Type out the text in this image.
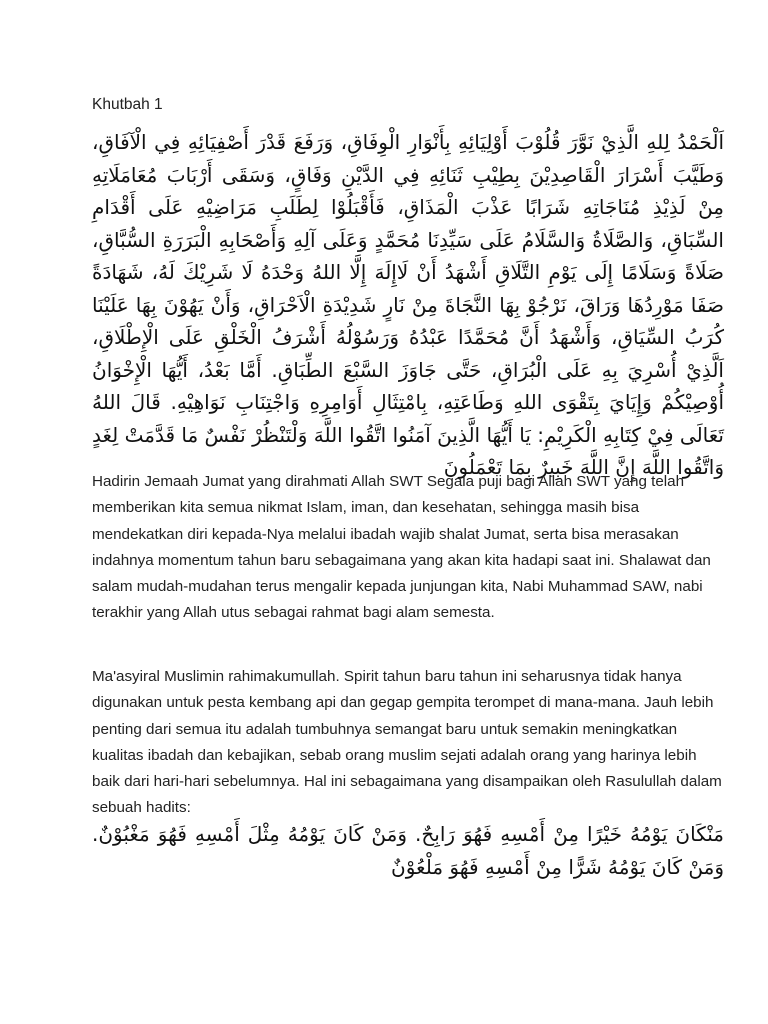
Khutbah 1

اَلْحَمْدُ لِلهِ الَّذِيْ نَوَّرَ قُلُوْبَ أَوْلِيَائِهِ بِأَنْوَارِ الْوِفَاقِ، وَرَفَعَ قَدْرَ أَصْفِيَائِهِ فِي الْآفَاقِ، وَطَيَّبَ أَسْرَارَ الْقَاصِدِيْنَ بِطِيْبِ ثَنَائِهِ فِي الدَّيْنِ وَفَاقٍ، وَسَقَى أَرْبَابَ مُعَامَلَاتِهِ مِنْ لَذِيْذِ مُنَاجَاتِهِ شَرَابًا عَذْبَ الْمَذَاقِ، فَأَقْبَلُوْا لِطَلَبِ مَرَاضِيْهِ عَلَى أَقْدَامِ السِّبَاقِ، وَالصَّلَاةُ وَالسَّلَامُ عَلَى سَيِّدِنَا مُحَمَّدٍ وَعَلَى آلِهِ وَأَصْحَابِهِ الْبَرَرَةِ السُّبَّاقِ، صَلَاةً وَسَلَامًا إِلَى يَوْمِ التَّلَاقِ أَشْهَدُ أَنْ لَاإِلَهَ إِلَّا اللهُ وَحْدَهُ لَا شَرِيْكَ لَهُ، شَهَادَةً صَفَا مَوْرِدُهَا وَرَاقَ، نَرْجُوْ بِهَا النَّجَاةَ مِنْ نَارٍ شَدِيْدَةِ الْاَحْرَاقِ، وَأَنْ يَهُوْنَ بِهَا عَلَيْنَا كُرَبُ السِّيَاقِ، وَأَشْهَدُ أَنَّ مُحَمَّدًا عَبْدُهُ وَرَسُوْلُهُ أَشْرَفُ الْخَلْقِ عَلَى الْإِطْلَاقِ، اَلَّذِيْ أُسْرِيَ بِهِ عَلَى الْبُرَاقِ، حَتَّى جَاوَزَ السَّبْعَ الطِّبَاقِ. أَمَّا بَعْدُ، أَيُّهَا الْإِخْوَانُ أُوْصِيْكُمْ وَإِيَايَ بِتَقْوَى اللهِ وَطَاعَتِهِ، بِامْتِثَالِ أَوَامِرِهِ وَاجْتِنَابِ نَوَاهِيْهِ. قَالَ اللهُ تَعَالَى فِيْ كِتَابِهِ الْكَرِيْمِ: يَا أَيُّهَا الَّذِينَ آمَنُوا اتَّقُوا اللَّهَ وَلْتَنْظُرْ نَفْسٌ مَا قَدَّمَتْ لِغَدٍ وَاتَّقُوا اللَّهَ إِنَّ اللَّهَ خَبِيرٌ بِمَا تَعْمَلُونَ

Hadirin Jemaah Jumat yang dirahmati Allah SWT Segala puji bagi Allah SWT yang telah memberikan kita semua nikmat Islam, iman, dan kesehatan, sehingga masih bisa mendekatkan diri kepada-Nya melalui ibadah wajib shalat Jumat, serta bisa merasakan indahnya momentum tahun baru sebagaimana yang akan kita hadapi saat ini. Shalawat dan salam mudah-mudahan terus mengalir kepada junjungan kita, Nabi Muhammad SAW, nabi terakhir yang Allah utus sebagai rahmat bagi alam semesta.

Ma'asyiral Muslimin rahimakumullah. Spirit tahun baru tahun ini seharusnya tidak hanya digunakan untuk pesta kembang api dan gegap gempita terompet di mana-mana. Jauh lebih penting dari semua itu adalah tumbuhnya semangat baru untuk semakin meningkatkan kualitas ibadah dan kebajikan, sebab orang muslim sejati adalah orang yang harinya lebih baik dari hari-hari sebelumnya. Hal ini sebagaimana yang disampaikan oleh Rasulullah dalam sebuah hadits:

مَنْكَانَ يَوْمُهُ خَيْرًا مِنْ أَمْسِهِ فَهُوَ رَابِحٌ. وَمَنْ كَانَ يَوْمُهُ مِثْلَ أَمْسِهِ فَهُوَ مَغْبُوْنٌ. وَمَنْ كَانَ يَوْمُهُ شَرًّا مِنْ أَمْسِهِ فَهُوَ مَلْعُوْنٌ
